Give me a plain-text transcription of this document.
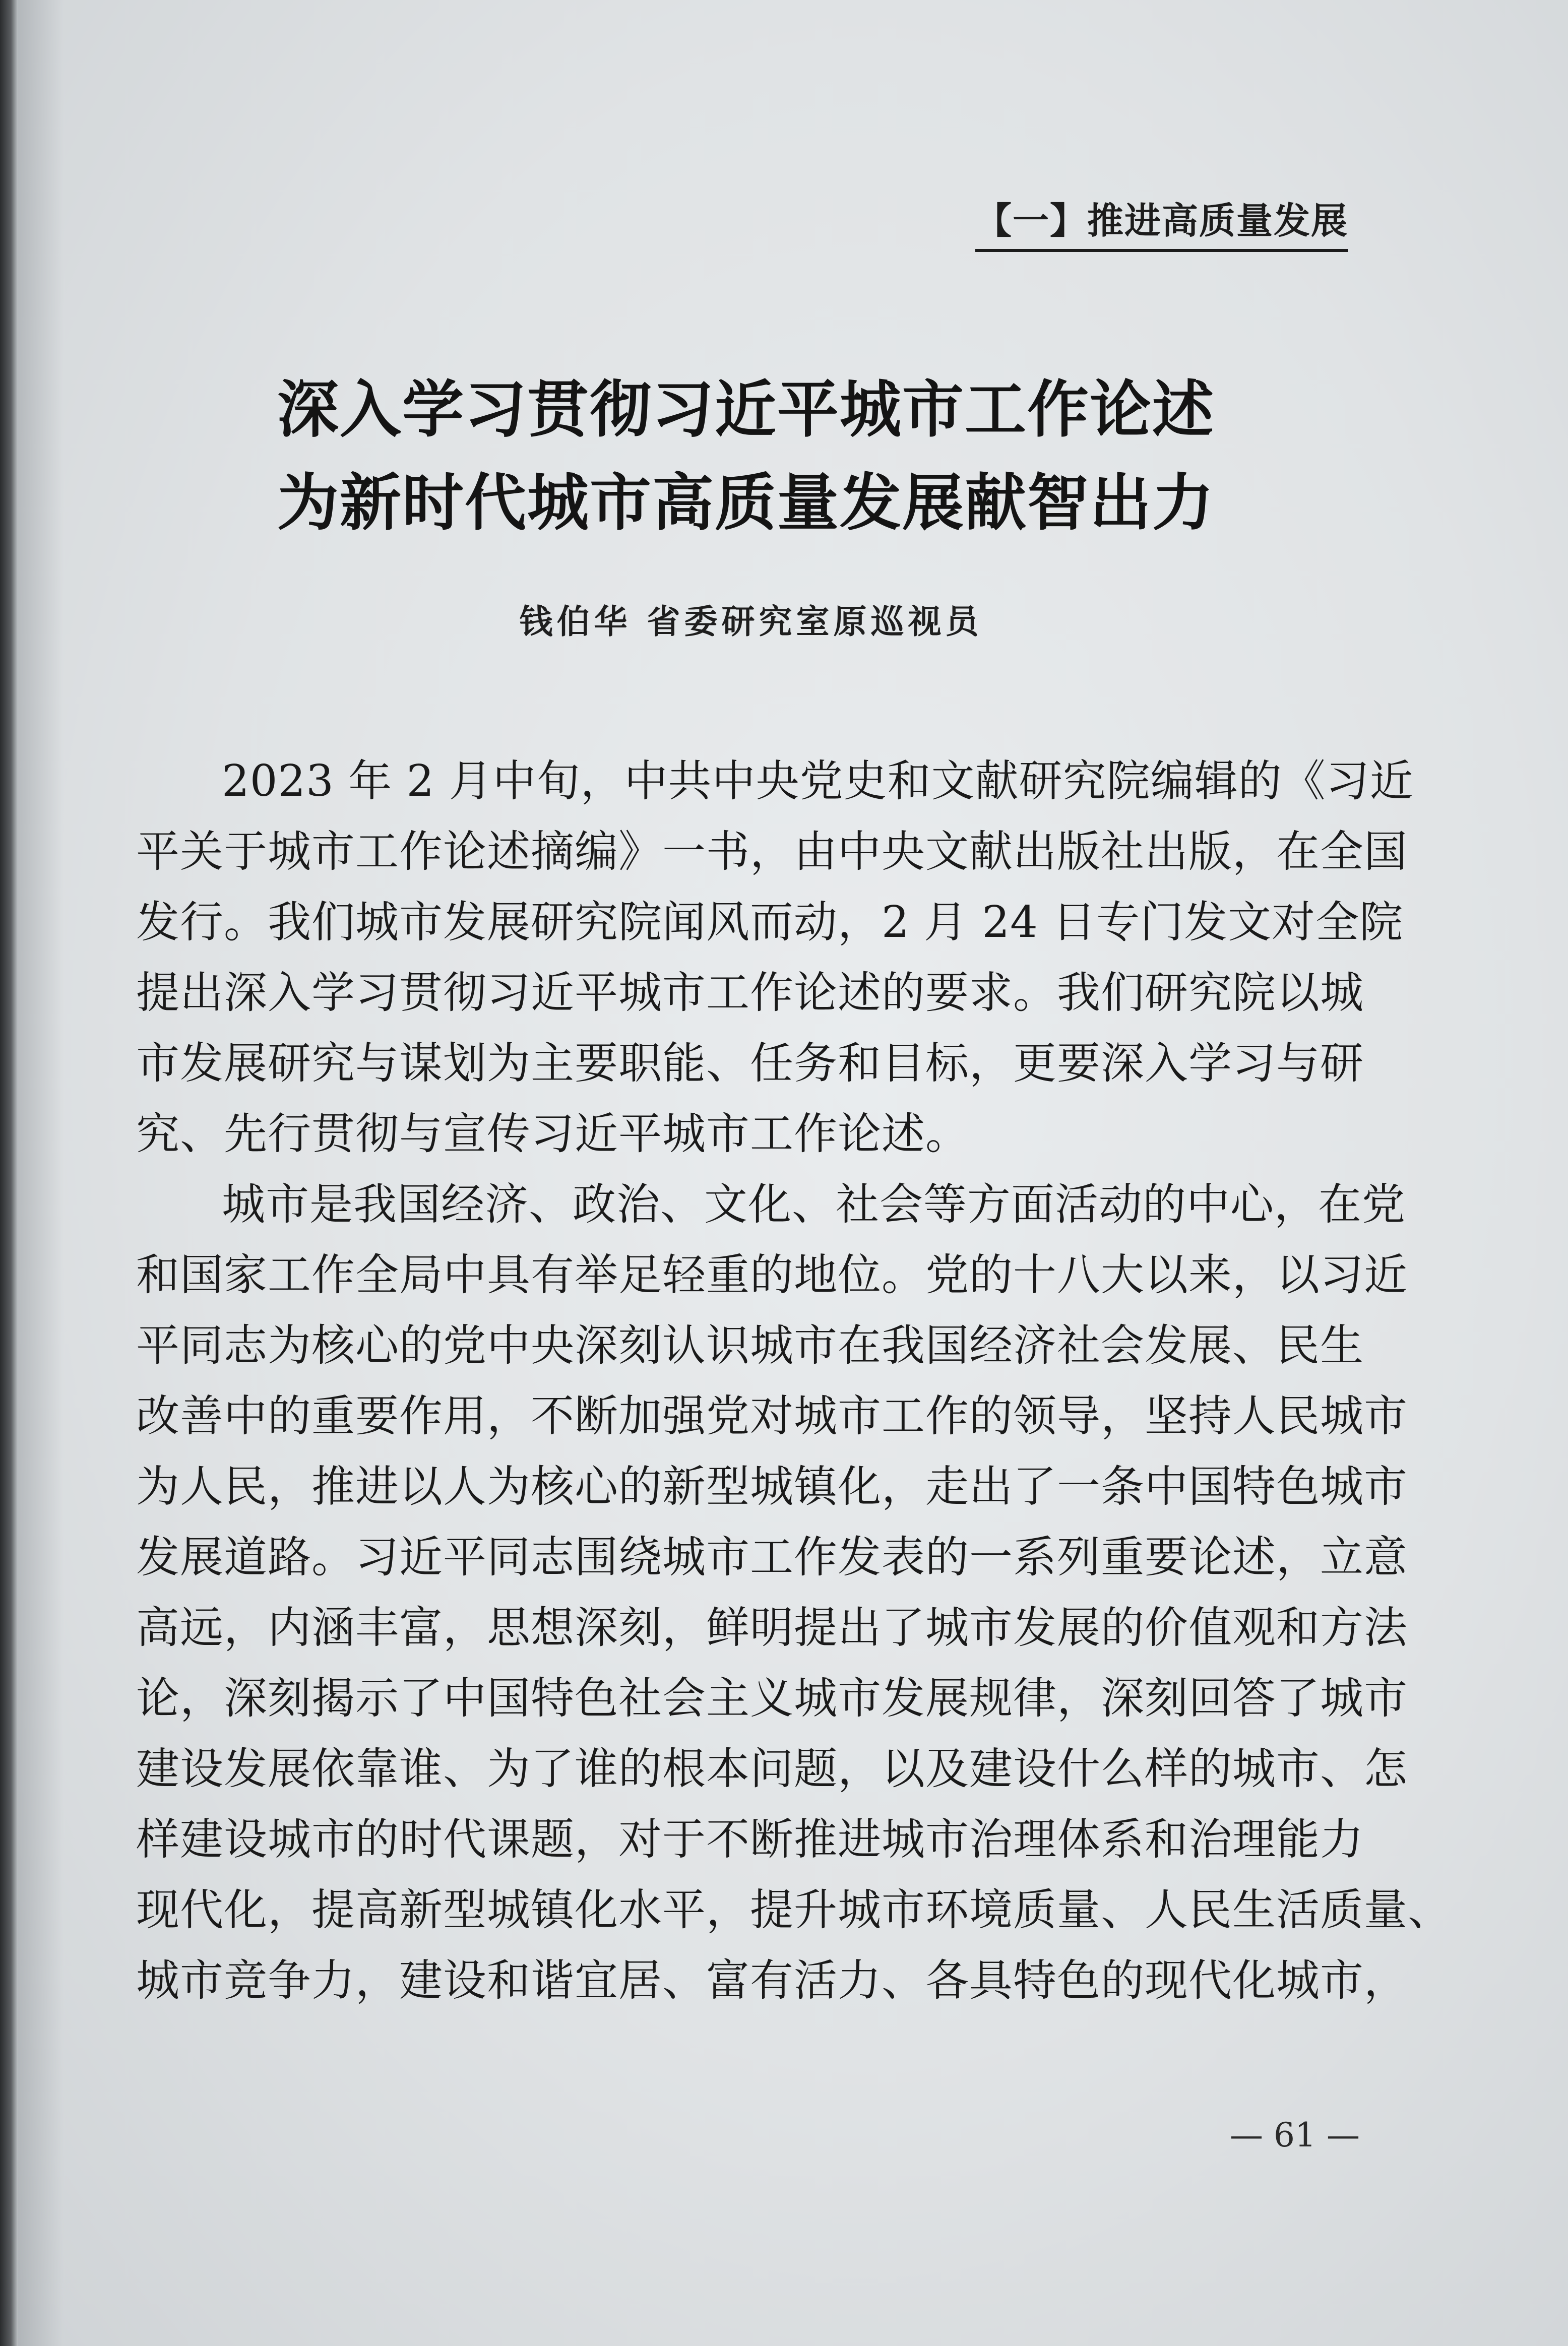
【一】推进高质量发展
深入学习贯彻习近平城市工作论述
为新时代城市高质量发展献智出力
钱伯华 省委研究室原巡视员
2023 年 2 月中旬，中共中央党史和文献研究院编辑的《习近
平关于城市工作论述摘编》一书，由中央文献出版社出版，在全国
发行。我们城市发展研究院闻风而动，2 月 24 日专门发文对全院
提出深入学习贯彻习近平城市工作论述的要求。我们研究院以城
市发展研究与谋划为主要职能、任务和目标，更要深入学习与研
究、先行贯彻与宣传习近平城市工作论述。
城市是我国经济、政治、文化、社会等方面活动的中心，在党
和国家工作全局中具有举足轻重的地位。党的十八大以来，以习近
平同志为核心的党中央深刻认识城市在我国经济社会发展、民生
改善中的重要作用，不断加强党对城市工作的领导，坚持人民城市
为人民，推进以人为核心的新型城镇化，走出了一条中国特色城市
发展道路。习近平同志围绕城市工作发表的一系列重要论述，立意
高远，内涵丰富，思想深刻，鲜明提出了城市发展的价值观和方法
论，深刻揭示了中国特色社会主义城市发展规律，深刻回答了城市
建设发展依靠谁、为了谁的根本问题，以及建设什么样的城市、怎
样建设城市的时代课题，对于不断推进城市治理体系和治理能力
现代化，提高新型城镇化水平，提升城市环境质量、人民生活质量、
城市竞争力，建设和谐宜居、富有活力、各具特色的现代化城市，
— 61 —
